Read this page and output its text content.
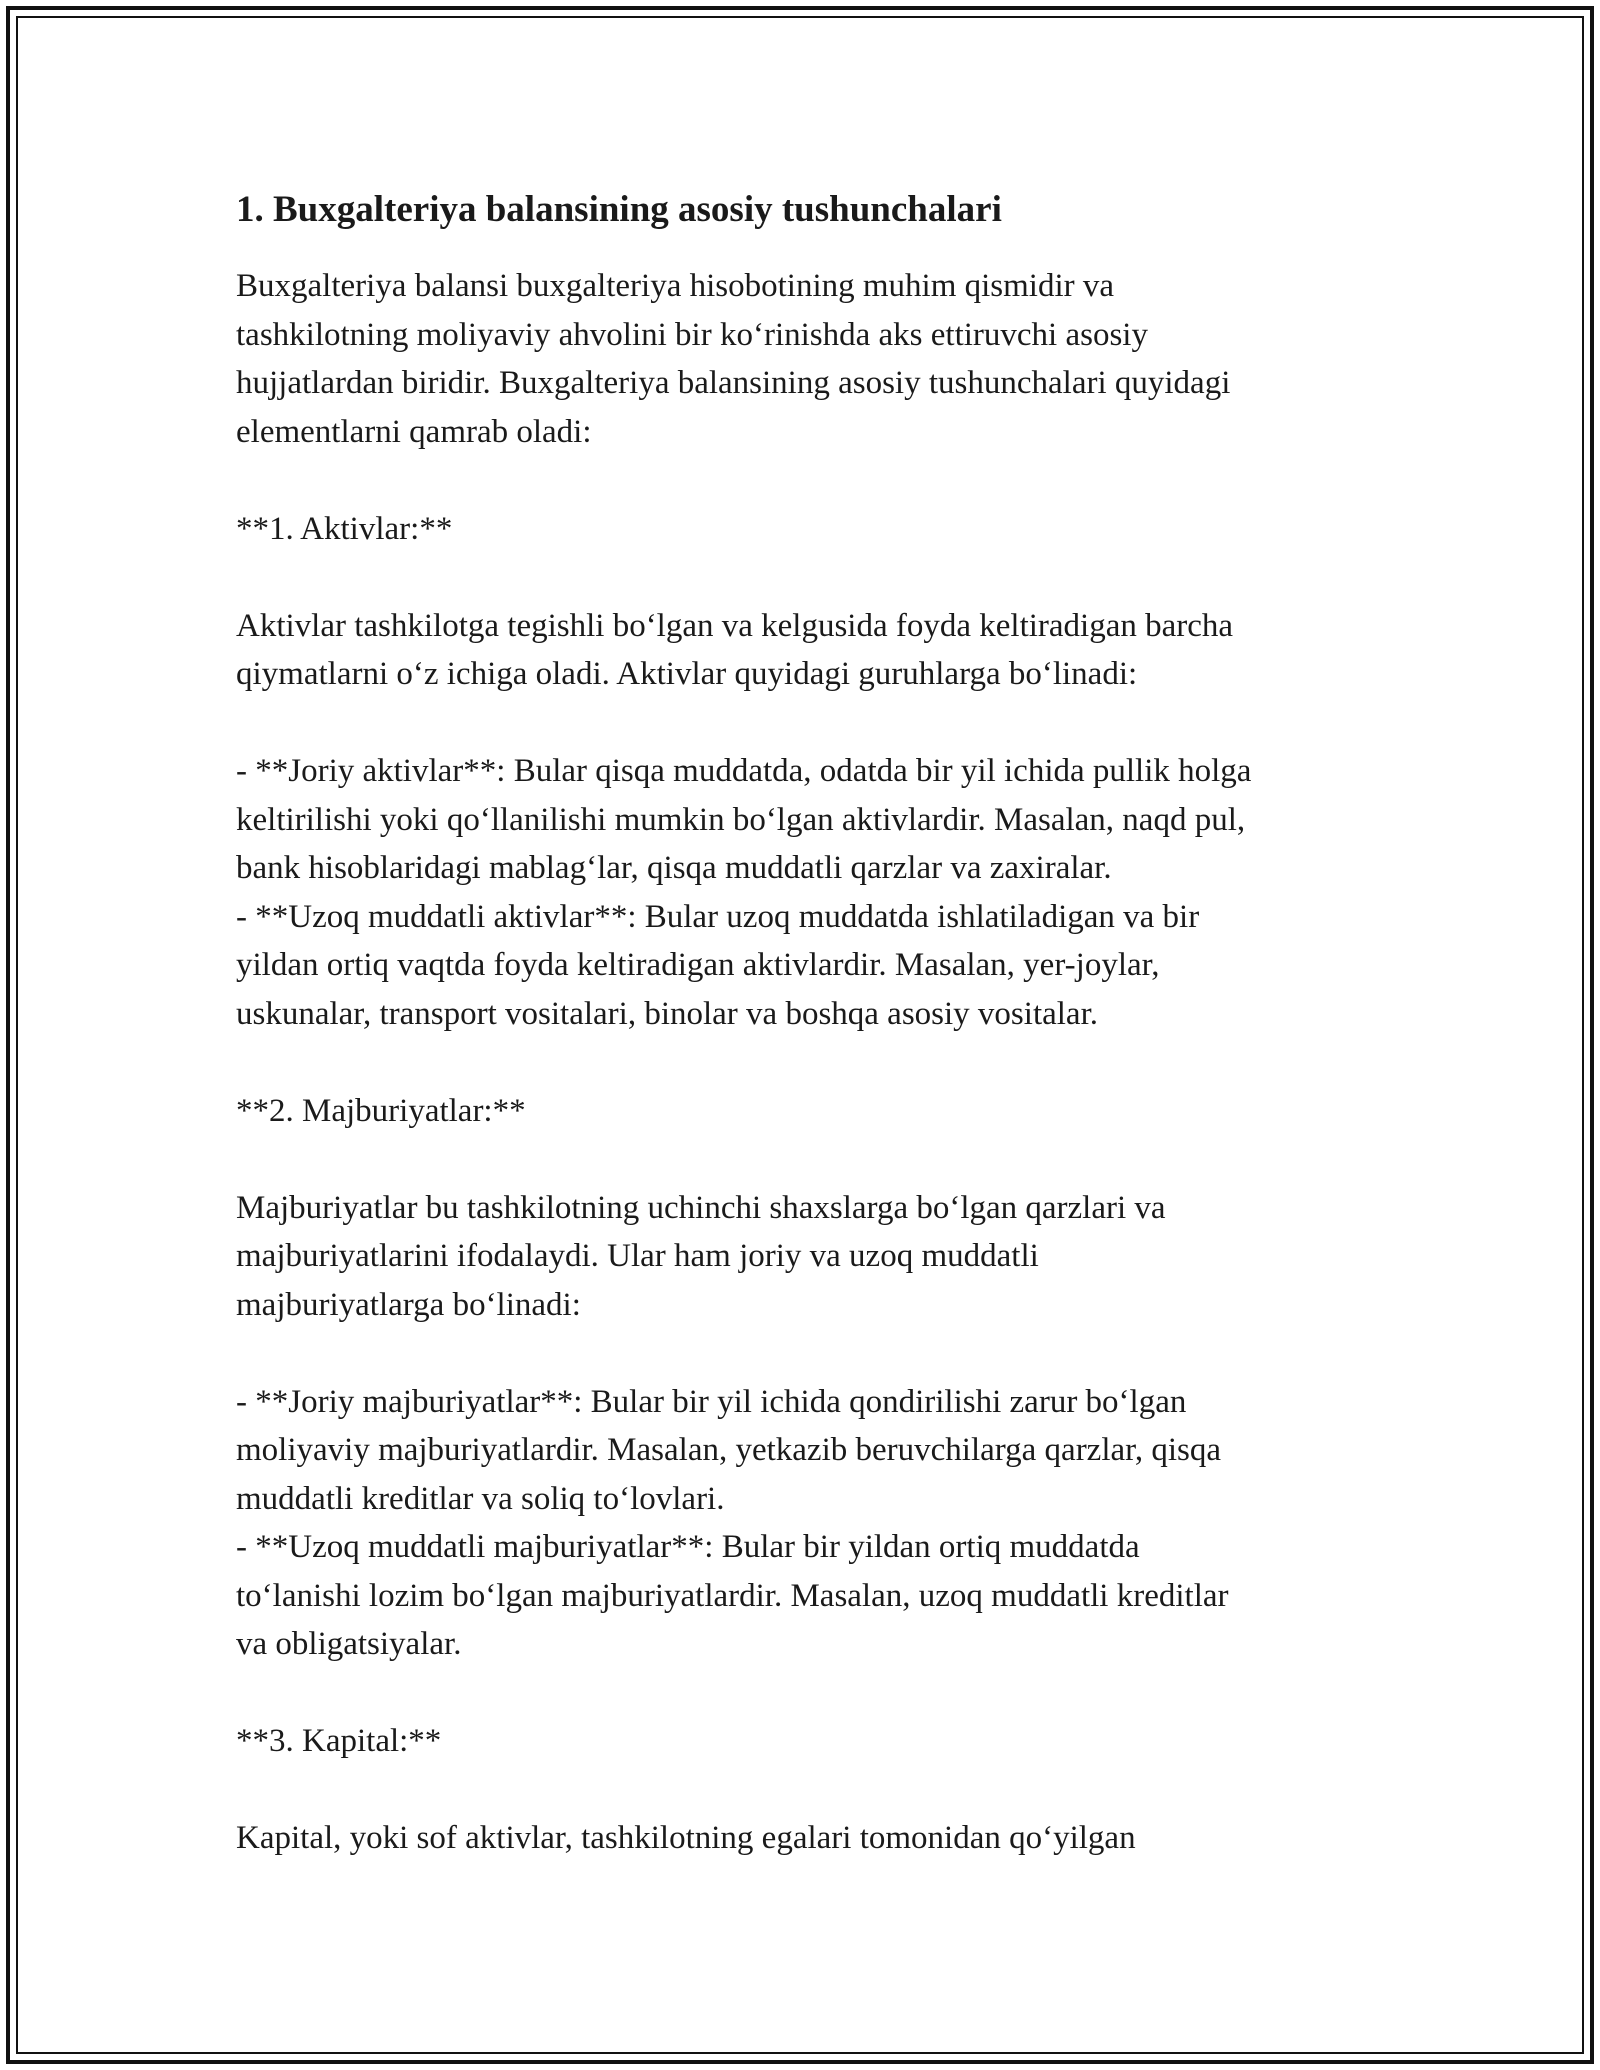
1. Buxgalteriya balansining asosiy tushunchalari

Buxgalteriya balansi buxgalteriya hisobotining muhim qismidir va
tashkilotning moliyaviy ahvolini bir ko‘rinishda aks ettiruvchi asosiy
hujjatlardan biridir. Buxgalteriya balansining asosiy tushunchalari quyidagi
elementlarni qamrab oladi:

**1. Aktivlar:**

Aktivlar tashkilotga tegishli bo‘lgan va kelgusida foyda keltiradigan barcha
qiymatlarni o‘z ichiga oladi. Aktivlar quyidagi guruhlarga bo‘linadi:

- **Joriy aktivlar**: Bular qisqa muddatda, odatda bir yil ichida pullik holga
keltirilishi yoki qo‘llanilishi mumkin bo‘lgan aktivlardir. Masalan, naqd pul,
bank hisoblaridagi mablag‘lar, qisqa muddatli qarzlar va zaxiralar.

- **Uzoq muddatli aktivlar**: Bular uzoq muddatda ishlatiladigan va bir
yildan ortiq vaqtda foyda keltiradigan aktivlardir. Masalan, yer-joylar,
uskunalar, transport vositalari, binolar va boshqa asosiy vositalar.

**2. Majburiyatlar:**

Majburiyatlar bu tashkilotning uchinchi shaxslarga bo‘lgan qarzlari va
majburiyatlarini ifodalaydi. Ular ham joriy va uzoq muddatli
majburiyatlarga bo‘linadi:

- **Joriy majburiyatlar**: Bular bir yil ichida qondirilishi zarur bo‘lgan
moliyaviy majburiyatlardir. Masalan, yetkazib beruvchilarga qarzlar, qisqa
muddatli kreditlar va soliq to‘lovlari.

- **Uzoq muddatli majburiyatlar**: Bular bir yildan ortiq muddatda
to‘lanishi lozim bo‘lgan majburiyatlardir. Masalan, uzoq muddatli kreditlar
va obligatsiyalar.

**3. Kapital:**

Kapital, yoki sof aktivlar, tashkilotning egalari tomonidan qo‘yilgan
